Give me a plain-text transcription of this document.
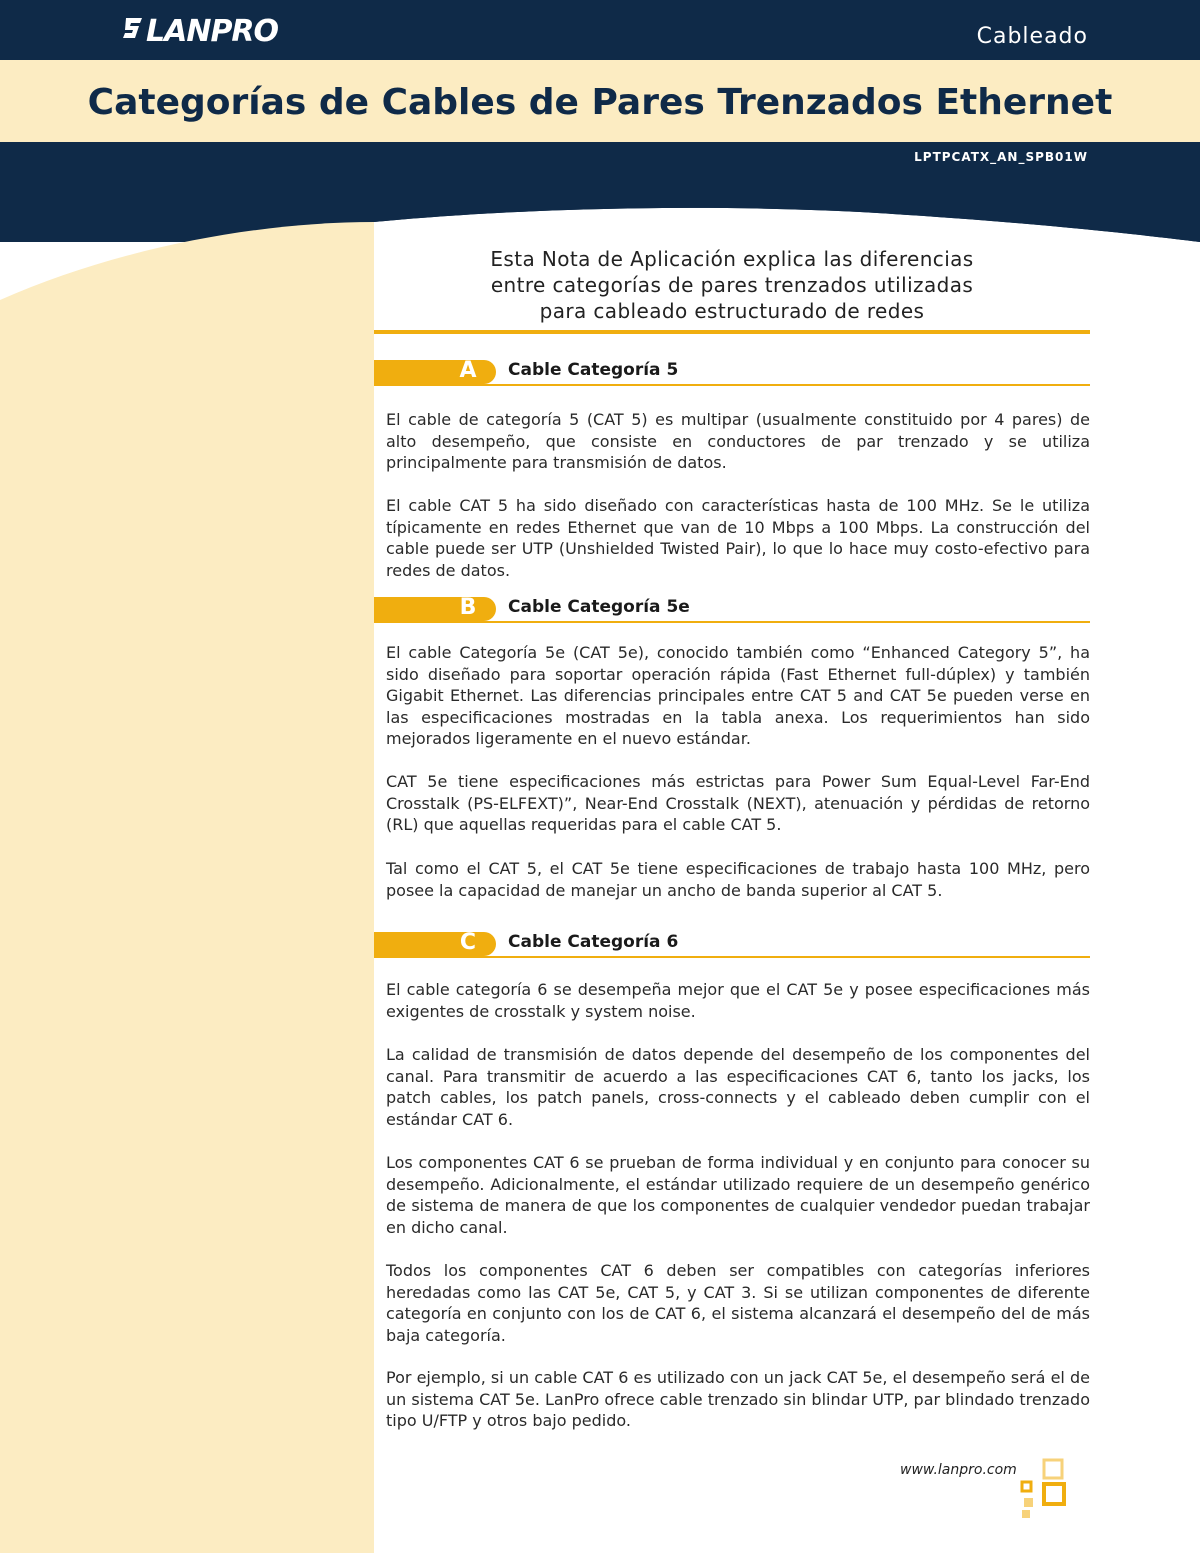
LANPRO	Cableado
Categorías de Cables de Pares Trenzados Ethernet
LPTPCATX_AN_SPB01W
Esta Nota de Aplicación explica las diferencias
entre categorías de pares trenzados utilizadas
para cableado estructurado de redes
A	Cable Categoría 5
El cable de categoría 5 (CAT 5) es multipar (usualmente constituido por 4 pares) de alto desempeño, que consiste en conductores de par trenzado y se utiliza principalmente para transmisión de datos.
El cable CAT 5 ha sido diseñado con características hasta de 100 MHz. Se le utiliza típicamente en redes Ethernet que van de 10 Mbps a 100 Mbps. La construcción del cable puede ser UTP (Unshielded Twisted Pair), lo que lo hace muy costo-efectivo para redes de datos.
B	Cable Categoría 5e
El cable Categoría 5e (CAT 5e), conocido también como “Enhanced Category 5”, ha sido diseñado para soportar operación rápida (Fast Ethernet full-dúplex) y también Gigabit Ethernet. Las diferencias principales entre CAT 5 and CAT 5e pueden verse en las especificaciones mostradas en la tabla anexa. Los requerimientos han sido mejorados ligeramente en el nuevo estándar.
CAT 5e tiene especificaciones más estrictas para Power Sum Equal-Level Far-End Crosstalk (PS-ELFEXT)”, Near-End Crosstalk (NEXT), atenuación y pérdidas de retorno (RL) que aquellas requeridas para el cable CAT 5.
Tal como el CAT 5, el CAT 5e tiene especificaciones de trabajo hasta 100 MHz, pero posee la capacidad de manejar un ancho de banda superior al CAT 5.
C	Cable Categoría 6
El cable categoría 6 se desempeña mejor que el CAT 5e y posee especificaciones más exigentes de crosstalk y system noise.
La calidad de transmisión de datos depende del desempeño de los componentes del canal. Para transmitir de acuerdo a las especificaciones CAT 6, tanto los jacks, los patch cables, los patch panels, cross-connects y el cableado deben cumplir con el estándar CAT 6.
Los componentes CAT 6 se prueban de forma individual y en conjunto para conocer su desempeño. Adicionalmente, el estándar utilizado requiere de un desempeño genérico de sistema de manera de que los componentes de cualquier vendedor puedan trabajar en dicho canal.
Todos los componentes CAT 6 deben ser compatibles con categorías inferiores heredadas como las CAT 5e, CAT 5, y CAT 3. Si se utilizan componentes de diferente categoría en conjunto con los de CAT 6, el sistema alcanzará el desempeño del de más baja categoría.
Por ejemplo, si un cable CAT 6 es utilizado con un jack CAT 5e, el desempeño será el de un sistema CAT 5e. LanPro ofrece cable trenzado sin blindar UTP, par blindado trenzado tipo U/FTP y otros bajo pedido.
www.lanpro.com
